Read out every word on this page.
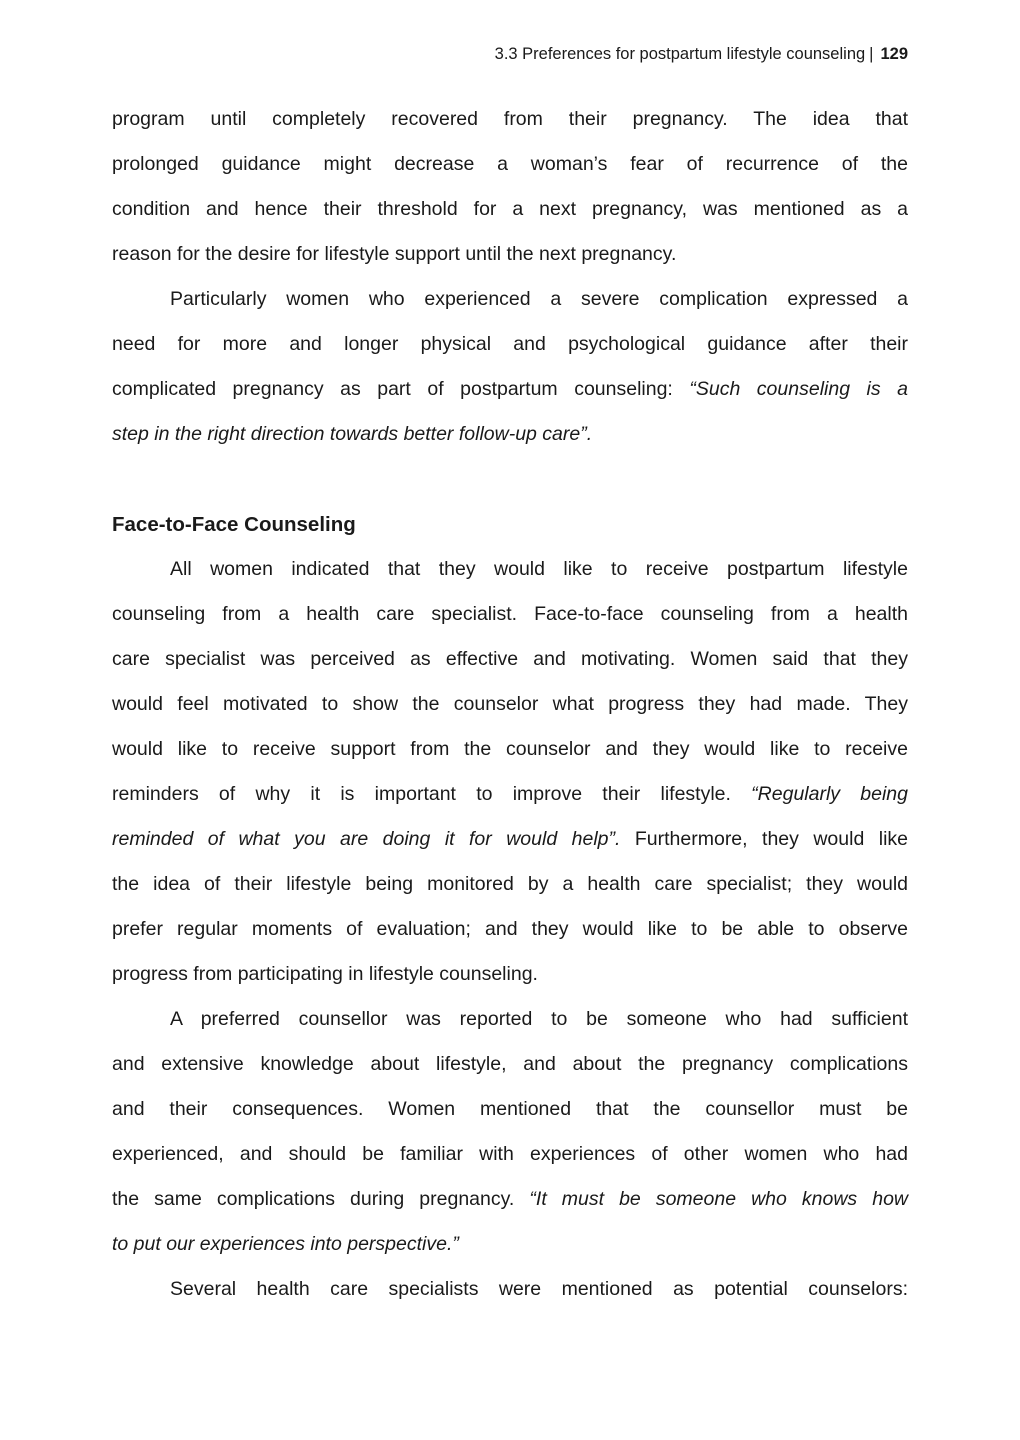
3.3 Preferences for postpartum lifestyle counseling | 129
program until completely recovered from their pregnancy. The idea that
prolonged guidance might decrease a woman’s fear of recurrence of the
condition and hence their threshold for a next pregnancy, was mentioned as a
reason for the desire for lifestyle support until the next pregnancy.
Particularly women who experienced a severe complication expressed a
need for more and longer physical and psychological guidance after their
complicated pregnancy as part of postpartum counseling: “Such counseling is a
step in the right direction towards better follow-up care”.
Face-to-Face Counseling
All women indicated that they would like to receive postpartum lifestyle
counseling from a health care specialist. Face-to-face counseling from a health
care specialist was perceived as effective and motivating. Women said that they
would feel motivated to show the counselor what progress they had made. They
would like to receive support from the counselor and they would like to receive
reminders of why it is important to improve their lifestyle. “Regularly being
reminded of what you are doing it for would help”. Furthermore, they would like
the idea of their lifestyle being monitored by a health care specialist; they would
prefer regular moments of evaluation; and they would like to be able to observe
progress from participating in lifestyle counseling.
A preferred counsellor was reported to be someone who had sufficient
and extensive knowledge about lifestyle, and about the pregnancy complications
and their consequences. Women mentioned that the counsellor must be
experienced, and should be familiar with experiences of other women who had
the same complications during pregnancy. “It must be someone who knows how
to put our experiences into perspective.”
Several health care specialists were mentioned as potential counselors:
